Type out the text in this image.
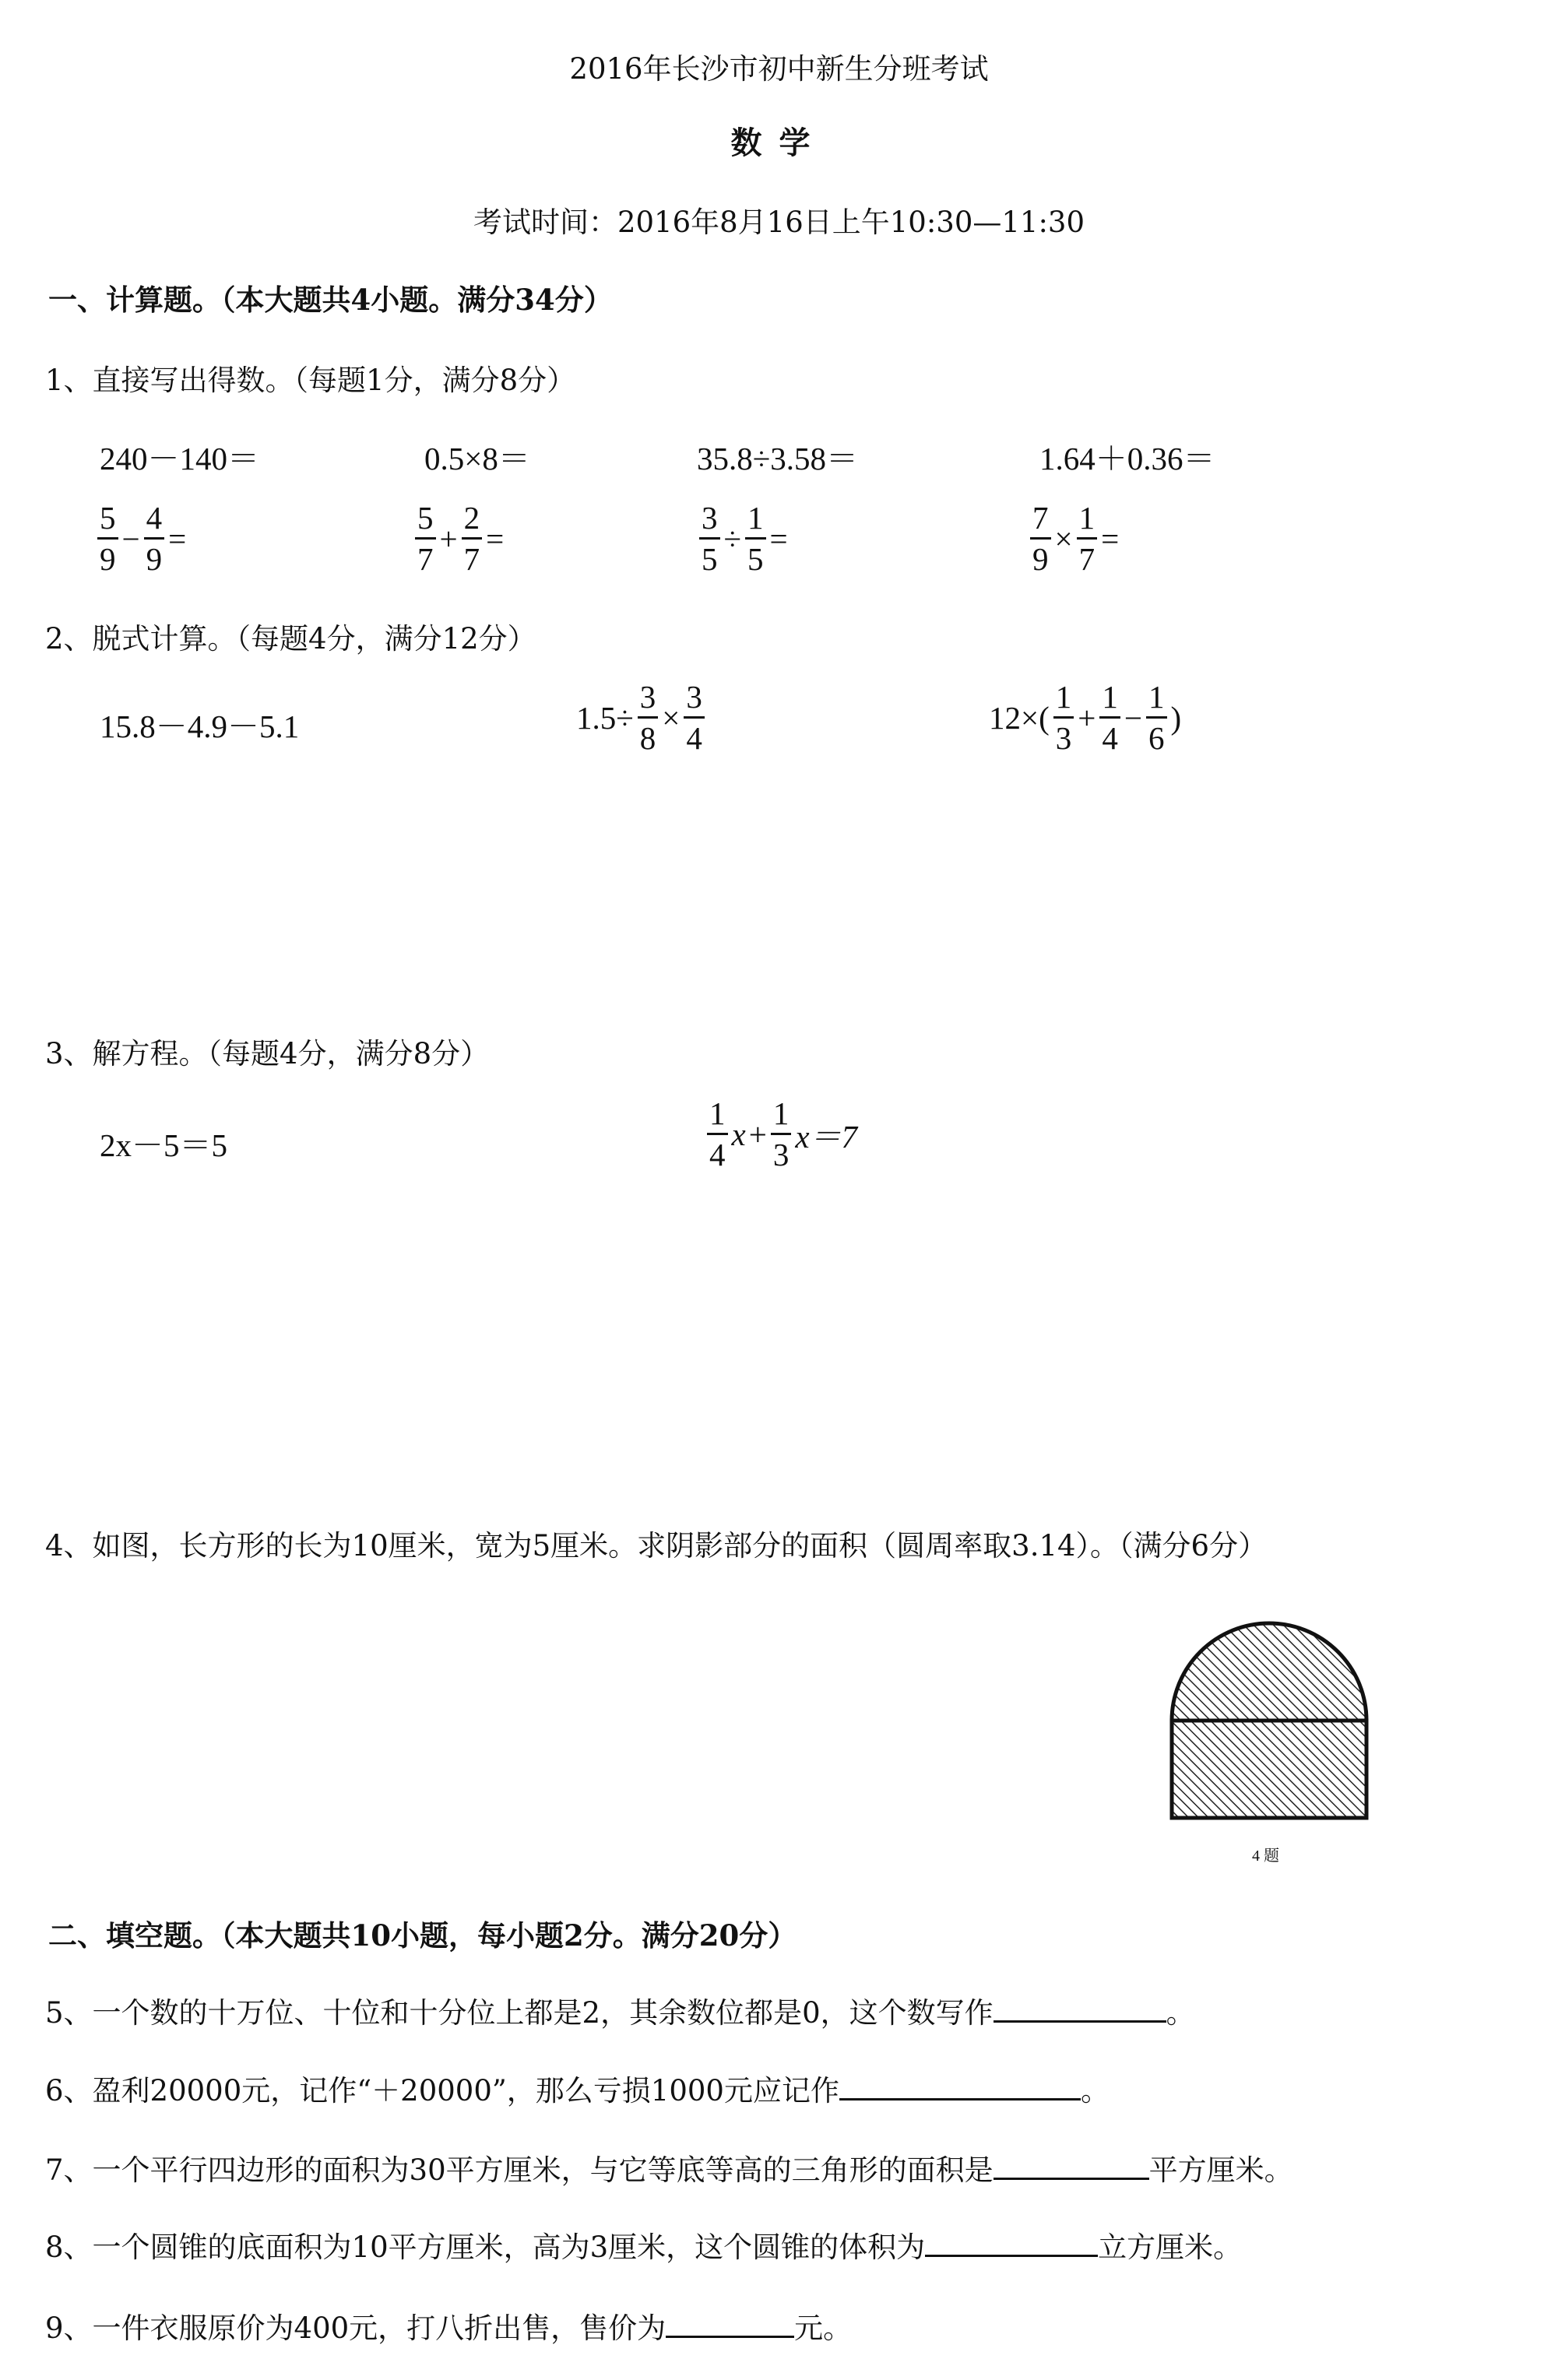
2016年长沙市初中新生分班考试
数学
考试时间：2016年8月16日上午10:30—11:30
一、计算题。（本大题共4小题。满分34分）
1、直接写出得数。（每题1分，满分8分）
240－140＝	0.5×8＝	35.8÷3.58＝	1.64＋0.36＝
$\frac{5}{9} - \frac{4}{9}$ =	$\frac{5}{7} + \frac{2}{7}$ =	$\frac{3}{5} \div \frac{1}{5}$ =	$\frac{7}{9} \times \frac{1}{7}$ =
2、脱式计算。（每题4分，满分12分）
15.8－4.9－5.1	$1.5\div \frac{3}{8} \times \frac{3}{4}$	$12\times( \frac{1}{3} + \frac{1}{4} - \frac{1}{6}$ )
3、解方程。（每题4分，满分8分）
2x－5＝5	$\frac{1}{4} x+ \frac{1}{3} x=7$
4、如图，长方形的长为10厘米，宽为5厘米。求阴影部分的面积（圆周率取3.14）。（满分6分）
4 题
二、填空题。（本大题共10小题，每小题2分。满分20分）
5、一个数的十万位、十位和十分位上都是2，其余数位都是0，这个数写作	。
6、盈利20000元，记作“＋20000”，那么亏损1000元应记作	。
7、一个平行四边形的面积为30平方厘米，与它等底等高的三角形的面积是	平方厘米。
8、一个圆锥的底面积为10平方厘米，高为3厘米，这个圆锥的体积为	立方厘米。
9、一件衣服原价为400元，打八折出售，售价为	元。
